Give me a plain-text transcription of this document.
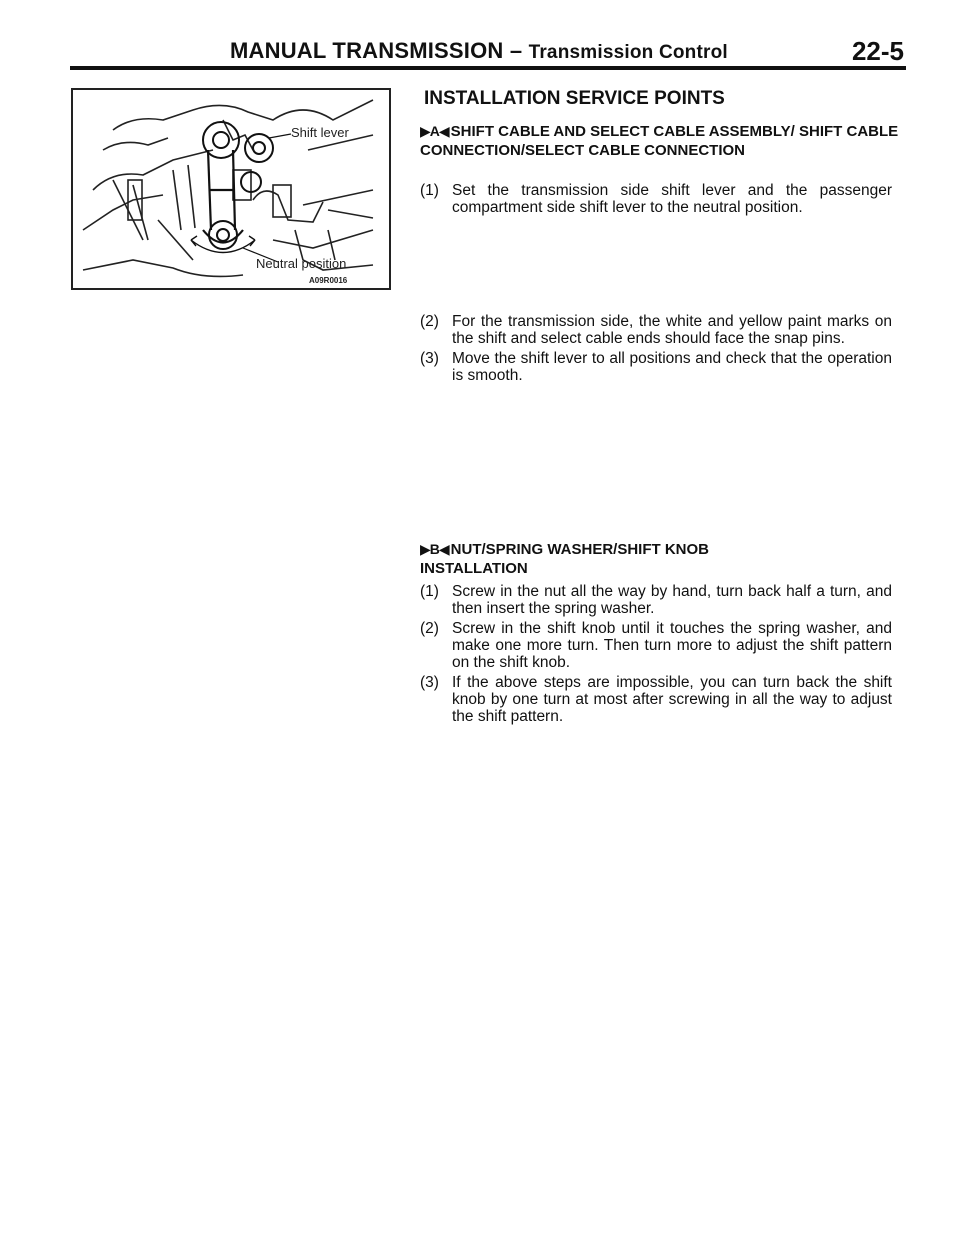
MANUAL TRANSMISSION – Transmission Control	22-5
Shift lever
Neutral position
A09R0016
INSTALLATION SERVICE POINTS
▶A◀ SHIFT CABLE AND SELECT CABLE ASSEMBLY/ SHIFT CABLE CONNECTION/SELECT CABLE CONNECTION
(1) Set the transmission side shift lever and the passenger compartment side shift lever to the neutral position.
(2) For the transmission side, the white and yellow paint marks on the shift and select cable ends should face the snap pins.
(3) Move the shift lever to all positions and check that the operation is smooth.
▶B◀ NUT/SPRING WASHER/SHIFT KNOB INSTALLATION
(1) Screw in the nut all the way by hand, turn back half a turn, and then insert the spring washer.
(2) Screw in the shift knob until it touches the spring washer, and make one more turn. Then turn more to adjust the shift pattern on the shift knob.
(3) If the above steps are impossible, you can turn back the shift knob by one turn at most after screwing in all the way to adjust the shift pattern.
